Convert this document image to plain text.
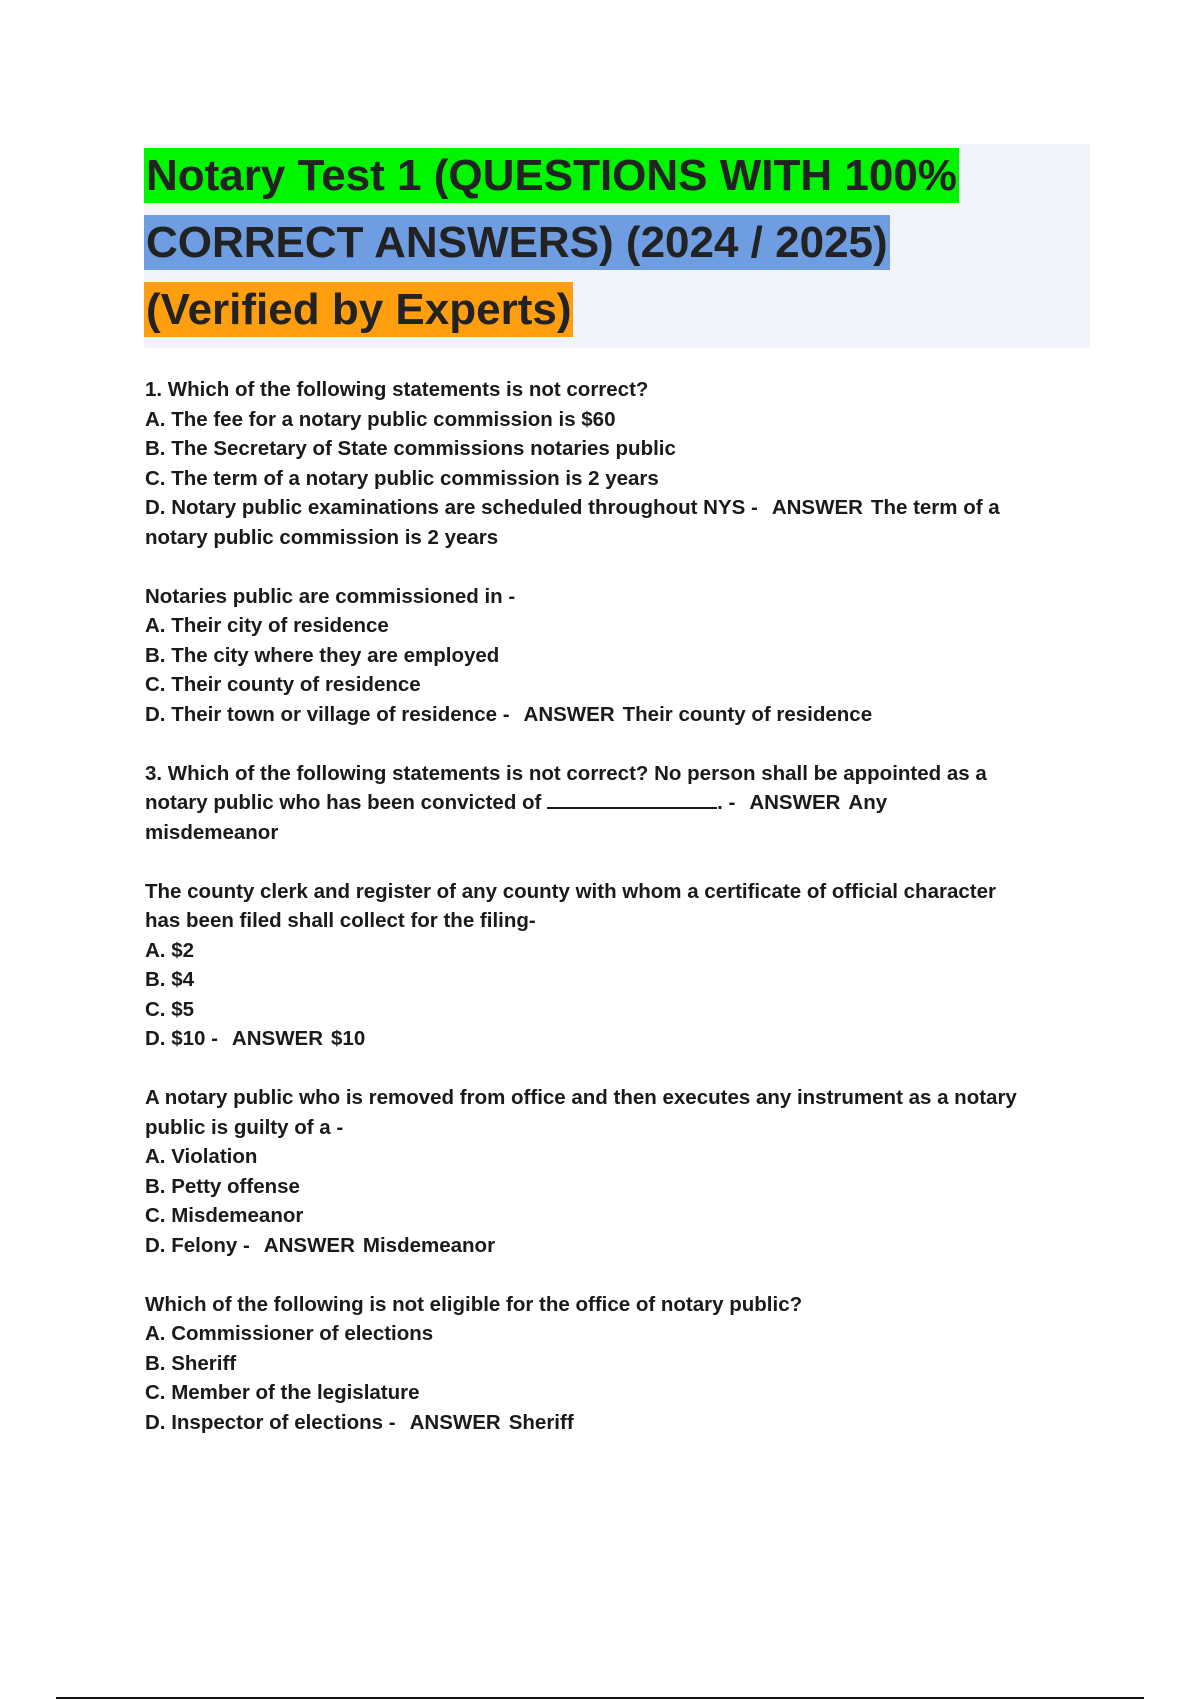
Notary Test 1 (QUESTIONS WITH 100%
CORRECT ANSWERS) (2024 / 2025)
(Verified by Experts)
1. Which of the following statements is not correct?
A. The fee for a notary public commission is $60
B. The Secretary of State commissions notaries public
C. The term of a notary public commission is 2 years
D. Notary public examinations are scheduled throughout NYS - ANSWER The term of a
notary public commission is 2 years
Notaries public are commissioned in -
A. Their city of residence
B. The city where they are employed
C. Their county of residence
D. Their town or village of residence - ANSWER Their county of residence
3. Which of the following statements is not correct? No person shall be appointed as a
notary public who has been convicted of	. - ANSWER Any
misdemeanor
The county clerk and register of any county with whom a certificate of official character
has been filed shall collect for the filing-
A. $2
B. $4
C. $5
D. $10 - ANSWER $10
A notary public who is removed from office and then executes any instrument as a notary
public is guilty of a -
A. Violation
B. Petty offense
C. Misdemeanor
D. Felony - ANSWER Misdemeanor
Which of the following is not eligible for the office of notary public?
A. Commissioner of elections
B. Sheriff
C. Member of the legislature
D. Inspector of elections - ANSWER Sheriff
